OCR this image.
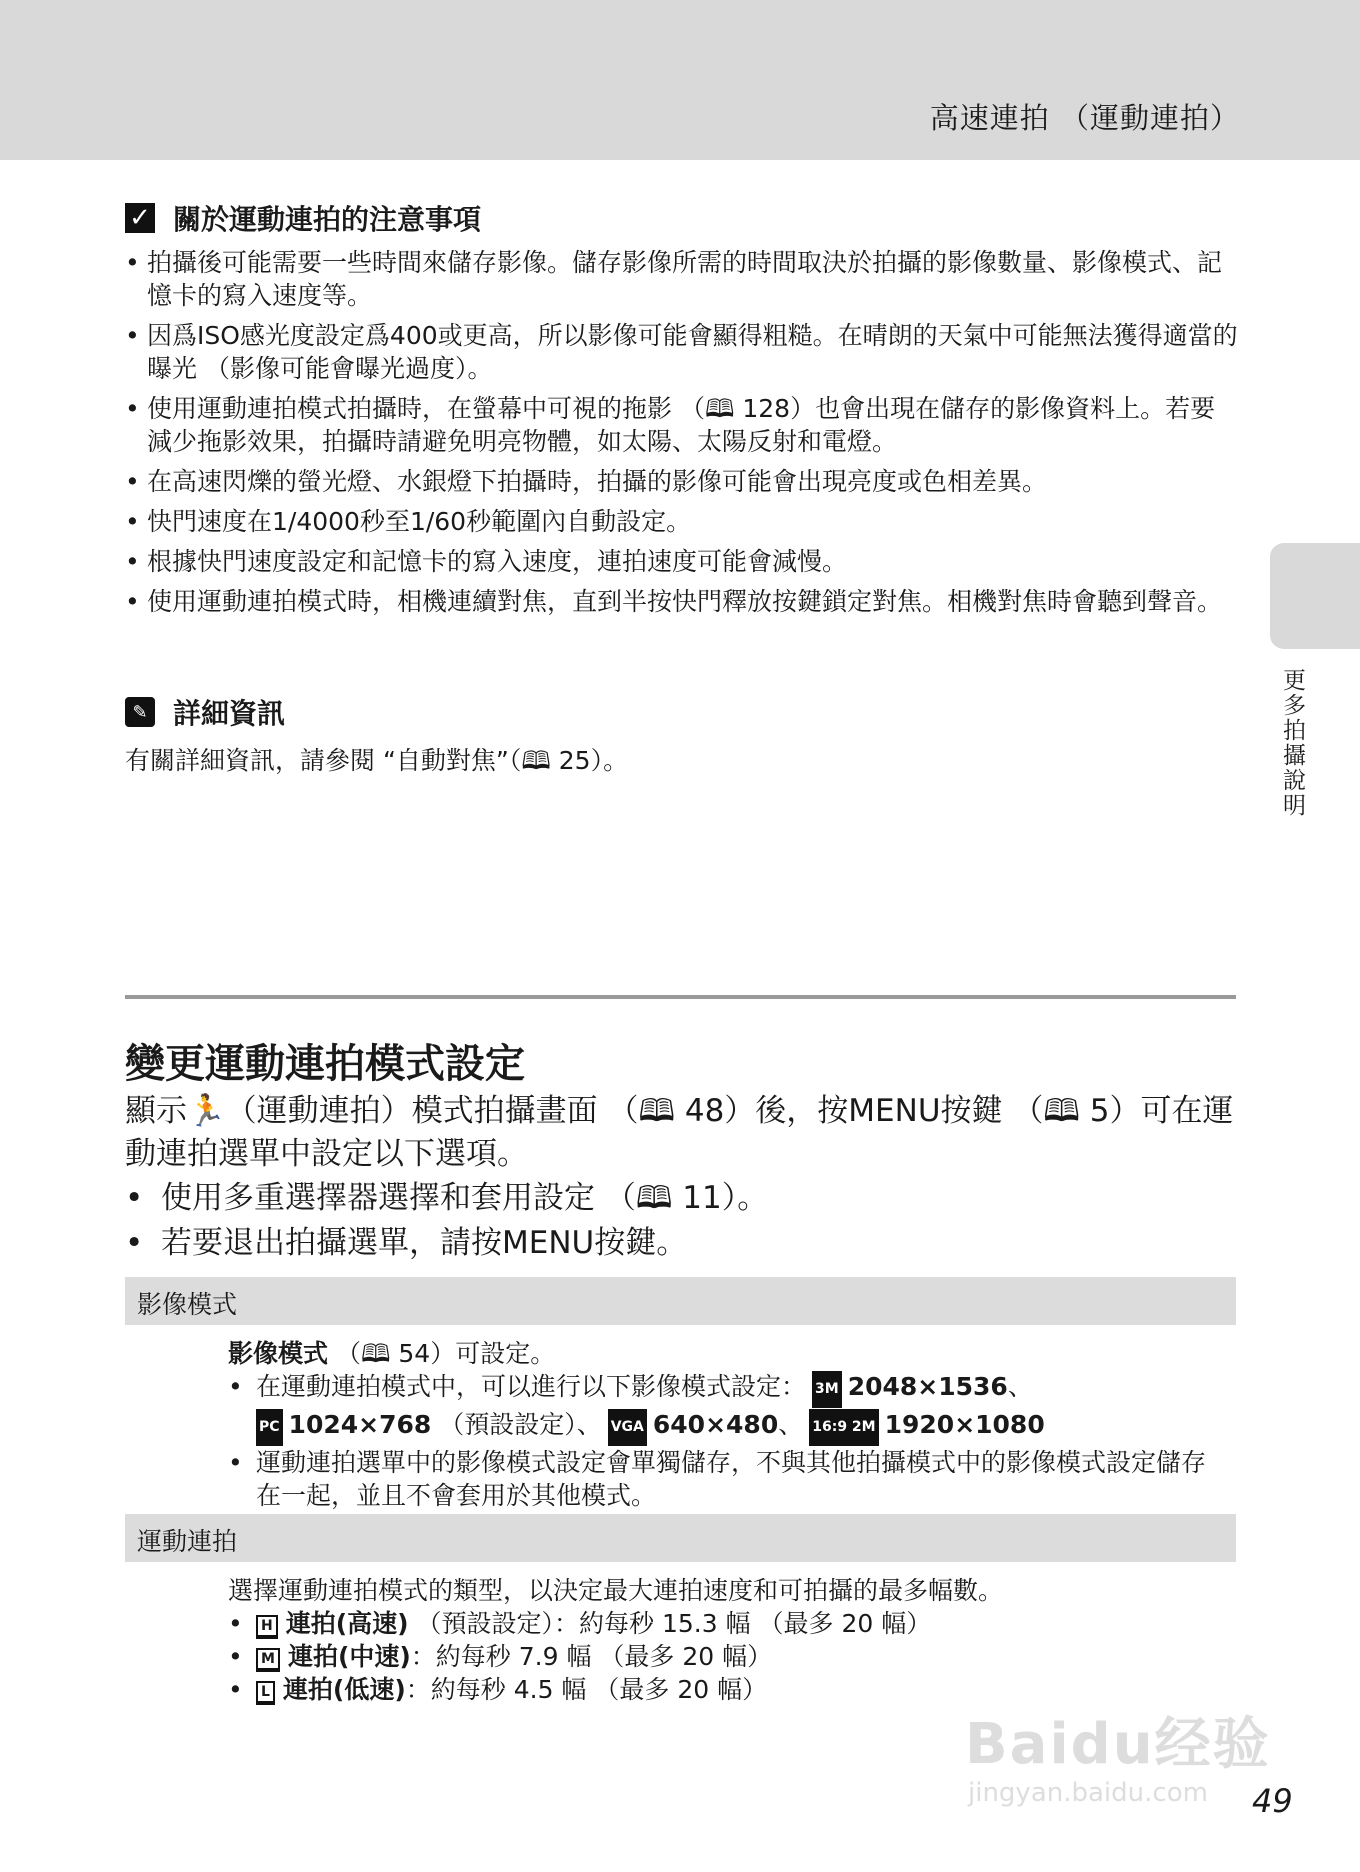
高速連拍 （運動連拍）
更多拍攝說明
✓ 關於運動連拍的注意事項
• 拍攝後可能需要一些時間來儲存影像。儲存影像所需的時間取決於拍攝的影像數量、影像模式、記憶卡的寫入速度等。
• 因爲ISO感光度設定爲400或更高，所以影像可能會顯得粗糙。在晴朗的天氣中可能無法獲得適當的曝光 （影像可能會曝光過度）。
• 使用運動連拍模式拍攝時，在螢幕中可視的拖影 （🕮 128）也會出現在儲存的影像資料上。若要減少拖影效果，拍攝時請避免明亮物體，如太陽、太陽反射和電燈。
• 在高速閃爍的螢光燈、水銀燈下拍攝時，拍攝的影像可能會出現亮度或色相差異。
• 快門速度在1/4000秒至1/60秒範圍內自動設定。
• 根據快門速度設定和記憶卡的寫入速度，連拍速度可能會減慢。
• 使用運動連拍模式時，相機連續對焦，直到半按快門釋放按鍵鎖定對焦。相機對焦時會聽到聲音。
✎ 詳細資訊
有關詳細資訊，請參閱 “自動對焦”（🕮 25）。
變更運動連拍模式設定
顯示🏃（運動連拍）模式拍攝畫面 （🕮 48）後，按MENU按鍵 （🕮 5）可在運動連拍選單中設定以下選項。
• 使用多重選擇器選擇和套用設定 （🕮 11）。
• 若要退出拍攝選單，請按MENU按鍵。
影像模式
影像模式 （🕮 54）可設定。
• 在運動連拍模式中，可以進行以下影像模式設定： 3M 2048×1536、
PC 1024×768 （預設設定）、 VGA 640×480、 16:9 2M 1920×1080
• 運動連拍選單中的影像模式設定會單獨儲存，不與其他拍攝模式中的影像模式設定儲存在一起，並且不會套用於其他模式。
運動連拍
選擇運動連拍模式的類型，以決定最大連拍速度和可拍攝的最多幅數。
• H 連拍(高速) （預設設定）：約每秒 15.3 幅 （最多 20 幅）
• M 連拍(中速)：約每秒 7.9 幅 （最多 20 幅）
• L 連拍(低速)：約每秒 4.5 幅 （最多 20 幅）
Baidu经验
jingyan.baidu.com 49
